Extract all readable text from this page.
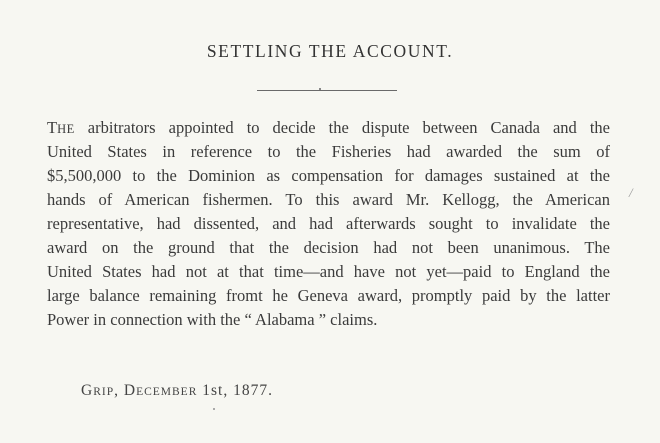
SETTLING THE ACCOUNT.
THE arbitrators appointed to decide the dispute between Canada and the
United States in reference to the Fisheries had awarded the sum of
$5,500,000 to the Dominion as compensation for damages sustained at the
hands of American fishermen. To this award Mr. Kellogg, the American
representative, had dissented, and had afterwards sought to invalidate the
award on the ground that the decision had not been unanimous. The
United States had not at that time—and have not yet—paid to England the
large balance remaining fromt he Geneva award, promptly paid by the latter
Power in connection with the “ Alabama ” claims.
GRIP, DECEMBER 1st, 1877.
/
